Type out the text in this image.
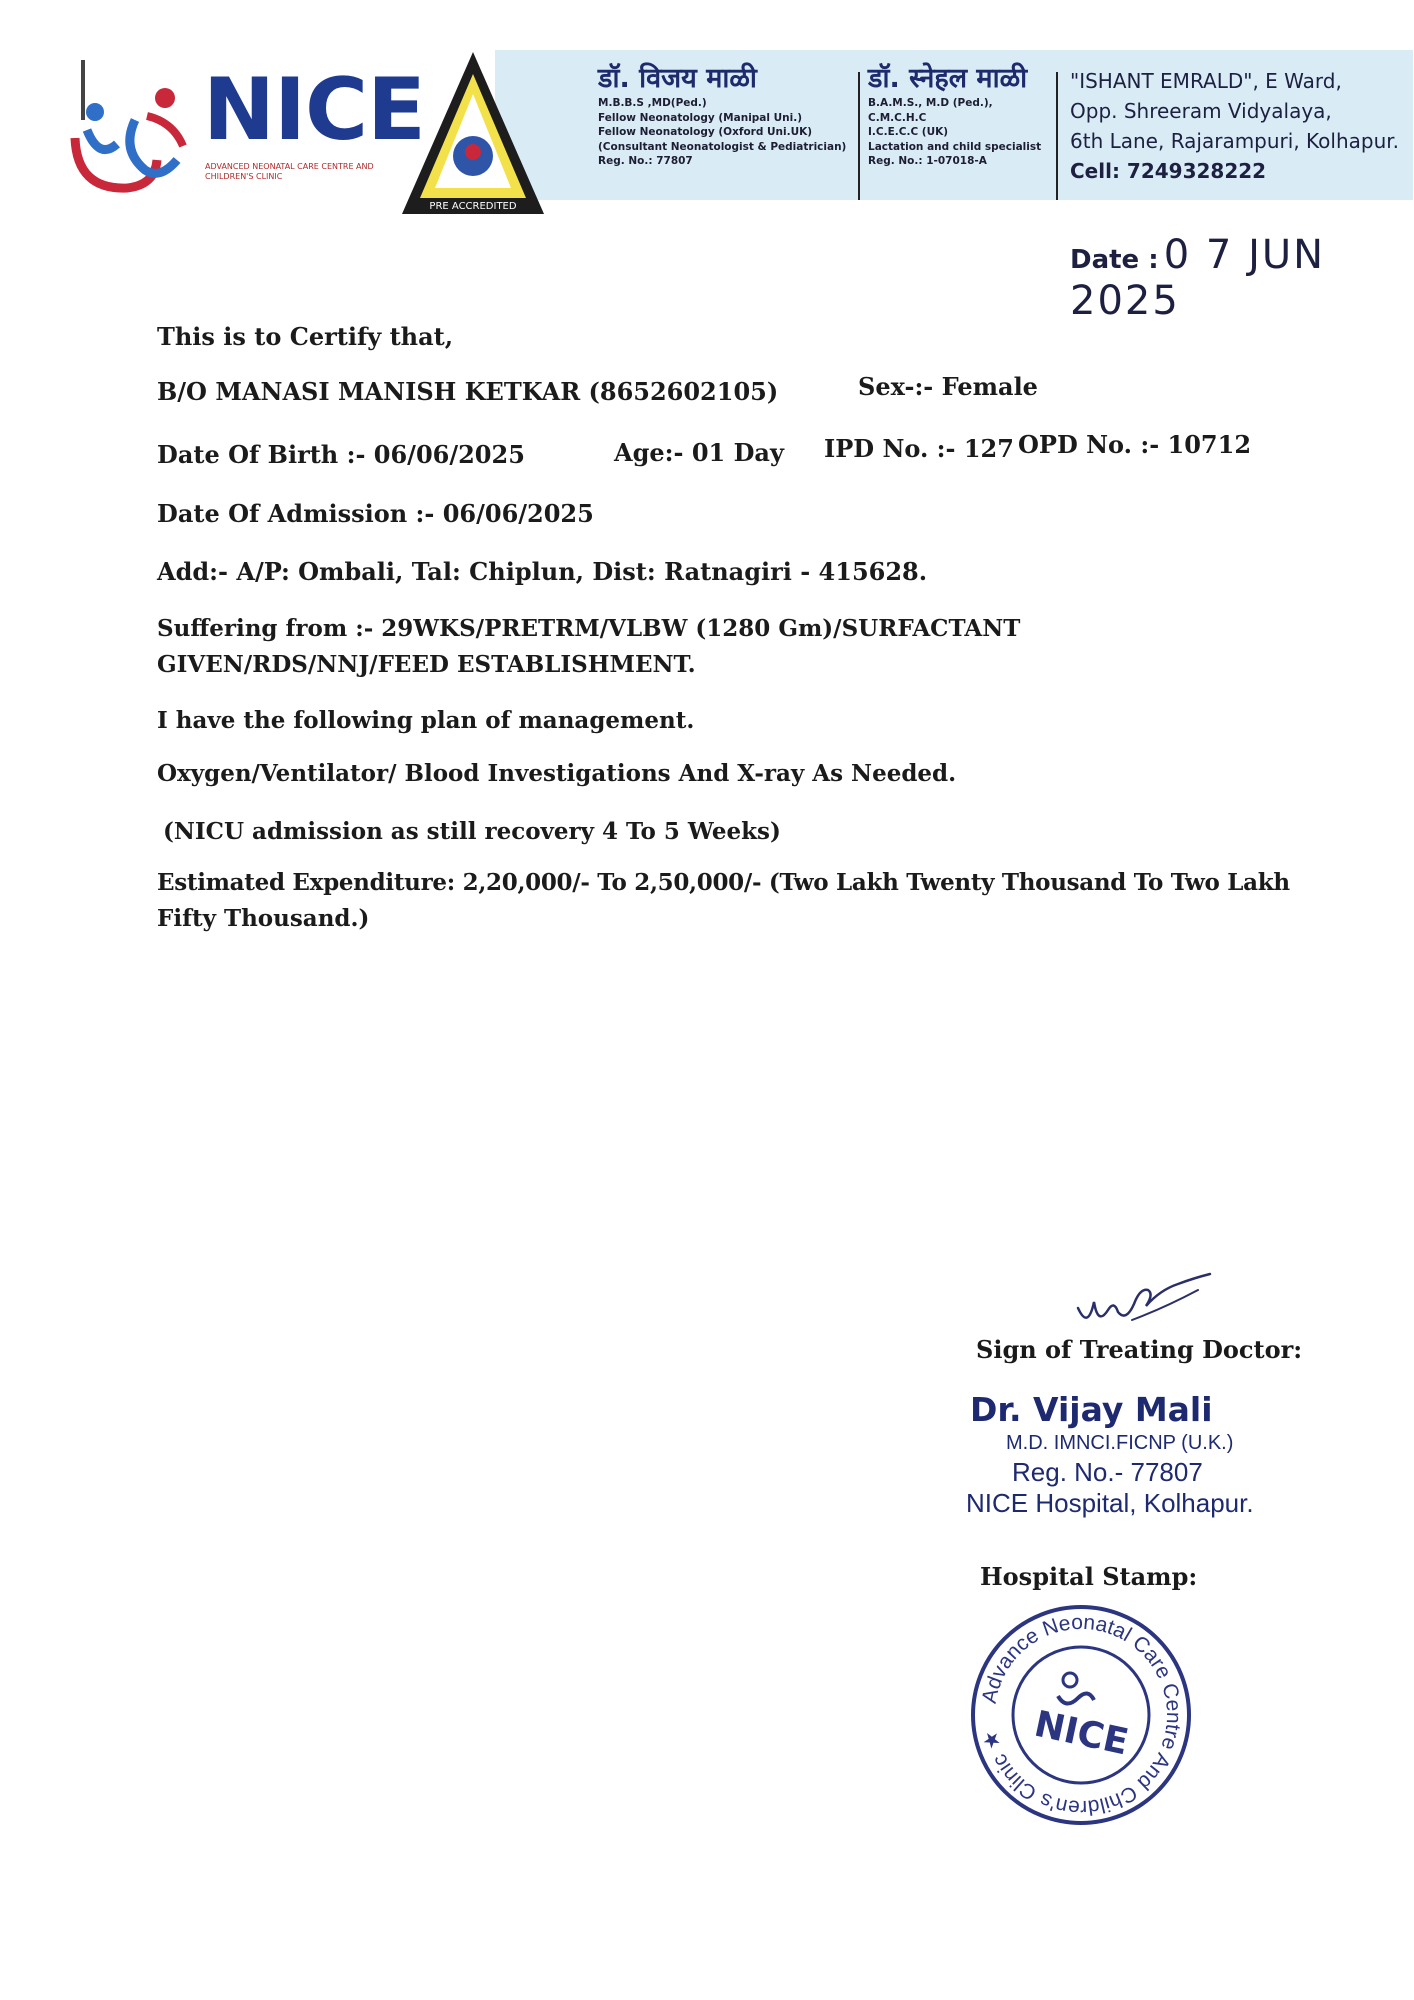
NICE
ADVANCED NEONATAL CARE CENTRE AND CHILDREN'S CLINIC
PRE ACCREDITED
डॉ. विजय माळी
M.B.B.S ,MD(Ped.)
Fellow Neonatology (Manipal Uni.)
Fellow Neonatology (Oxford Uni.UK)
(Consultant Neonatologist & Pediatrician)
Reg. No.: 77807
डॉ. स्नेहल माळी
B.A.M.S., M.D (Ped.),
C.M.C.H.C
I.C.E.C.C (UK)
Lactation and child specialist
Reg. No.: 1-07018-A
"ISHANT EMRALD", E Ward,
Opp. Shreeram Vidyalaya,
6th Lane, Rajarampuri, Kolhapur.
Cell: 7249328222
Date : 0 7 JUN 2025
This is to Certify that,
B/O MANASI MANISH KETKAR (8652602105)	Sex-:- Female
Date Of Birth :- 06/06/2025	Age:- 01 Day IPD No. :- 127 OPD No. :- 10712
Date Of Admission :- 06/06/2025
Add:- A/P: Ombali, Tal: Chiplun, Dist: Ratnagiri - 415628.
Suffering from :- 29WKS/PRETRM/VLBW (1280 Gm)/SURFACTANT
GIVEN/RDS/NNJ/FEED ESTABLISHMENT.
I have the following plan of management.
Oxygen/Ventilator/ Blood Investigations And X-ray As Needed.
(NICU admission as still recovery 4 To 5 Weeks)
Estimated Expenditure: 2,20,000/- To 2,50,000/- (Two Lakh Twenty Thousand To Two Lakh
Fifty Thousand.)
Sign of Treating Doctor:
Dr. Vijay Mali
M.D. IMNCI.FICNP (U.K.)
Reg. No.- 77807
NICE Hospital, Kolhapur.
Hospital Stamp:
Advance Neonatal Care Centre And Children's Clinic ★ NICE
